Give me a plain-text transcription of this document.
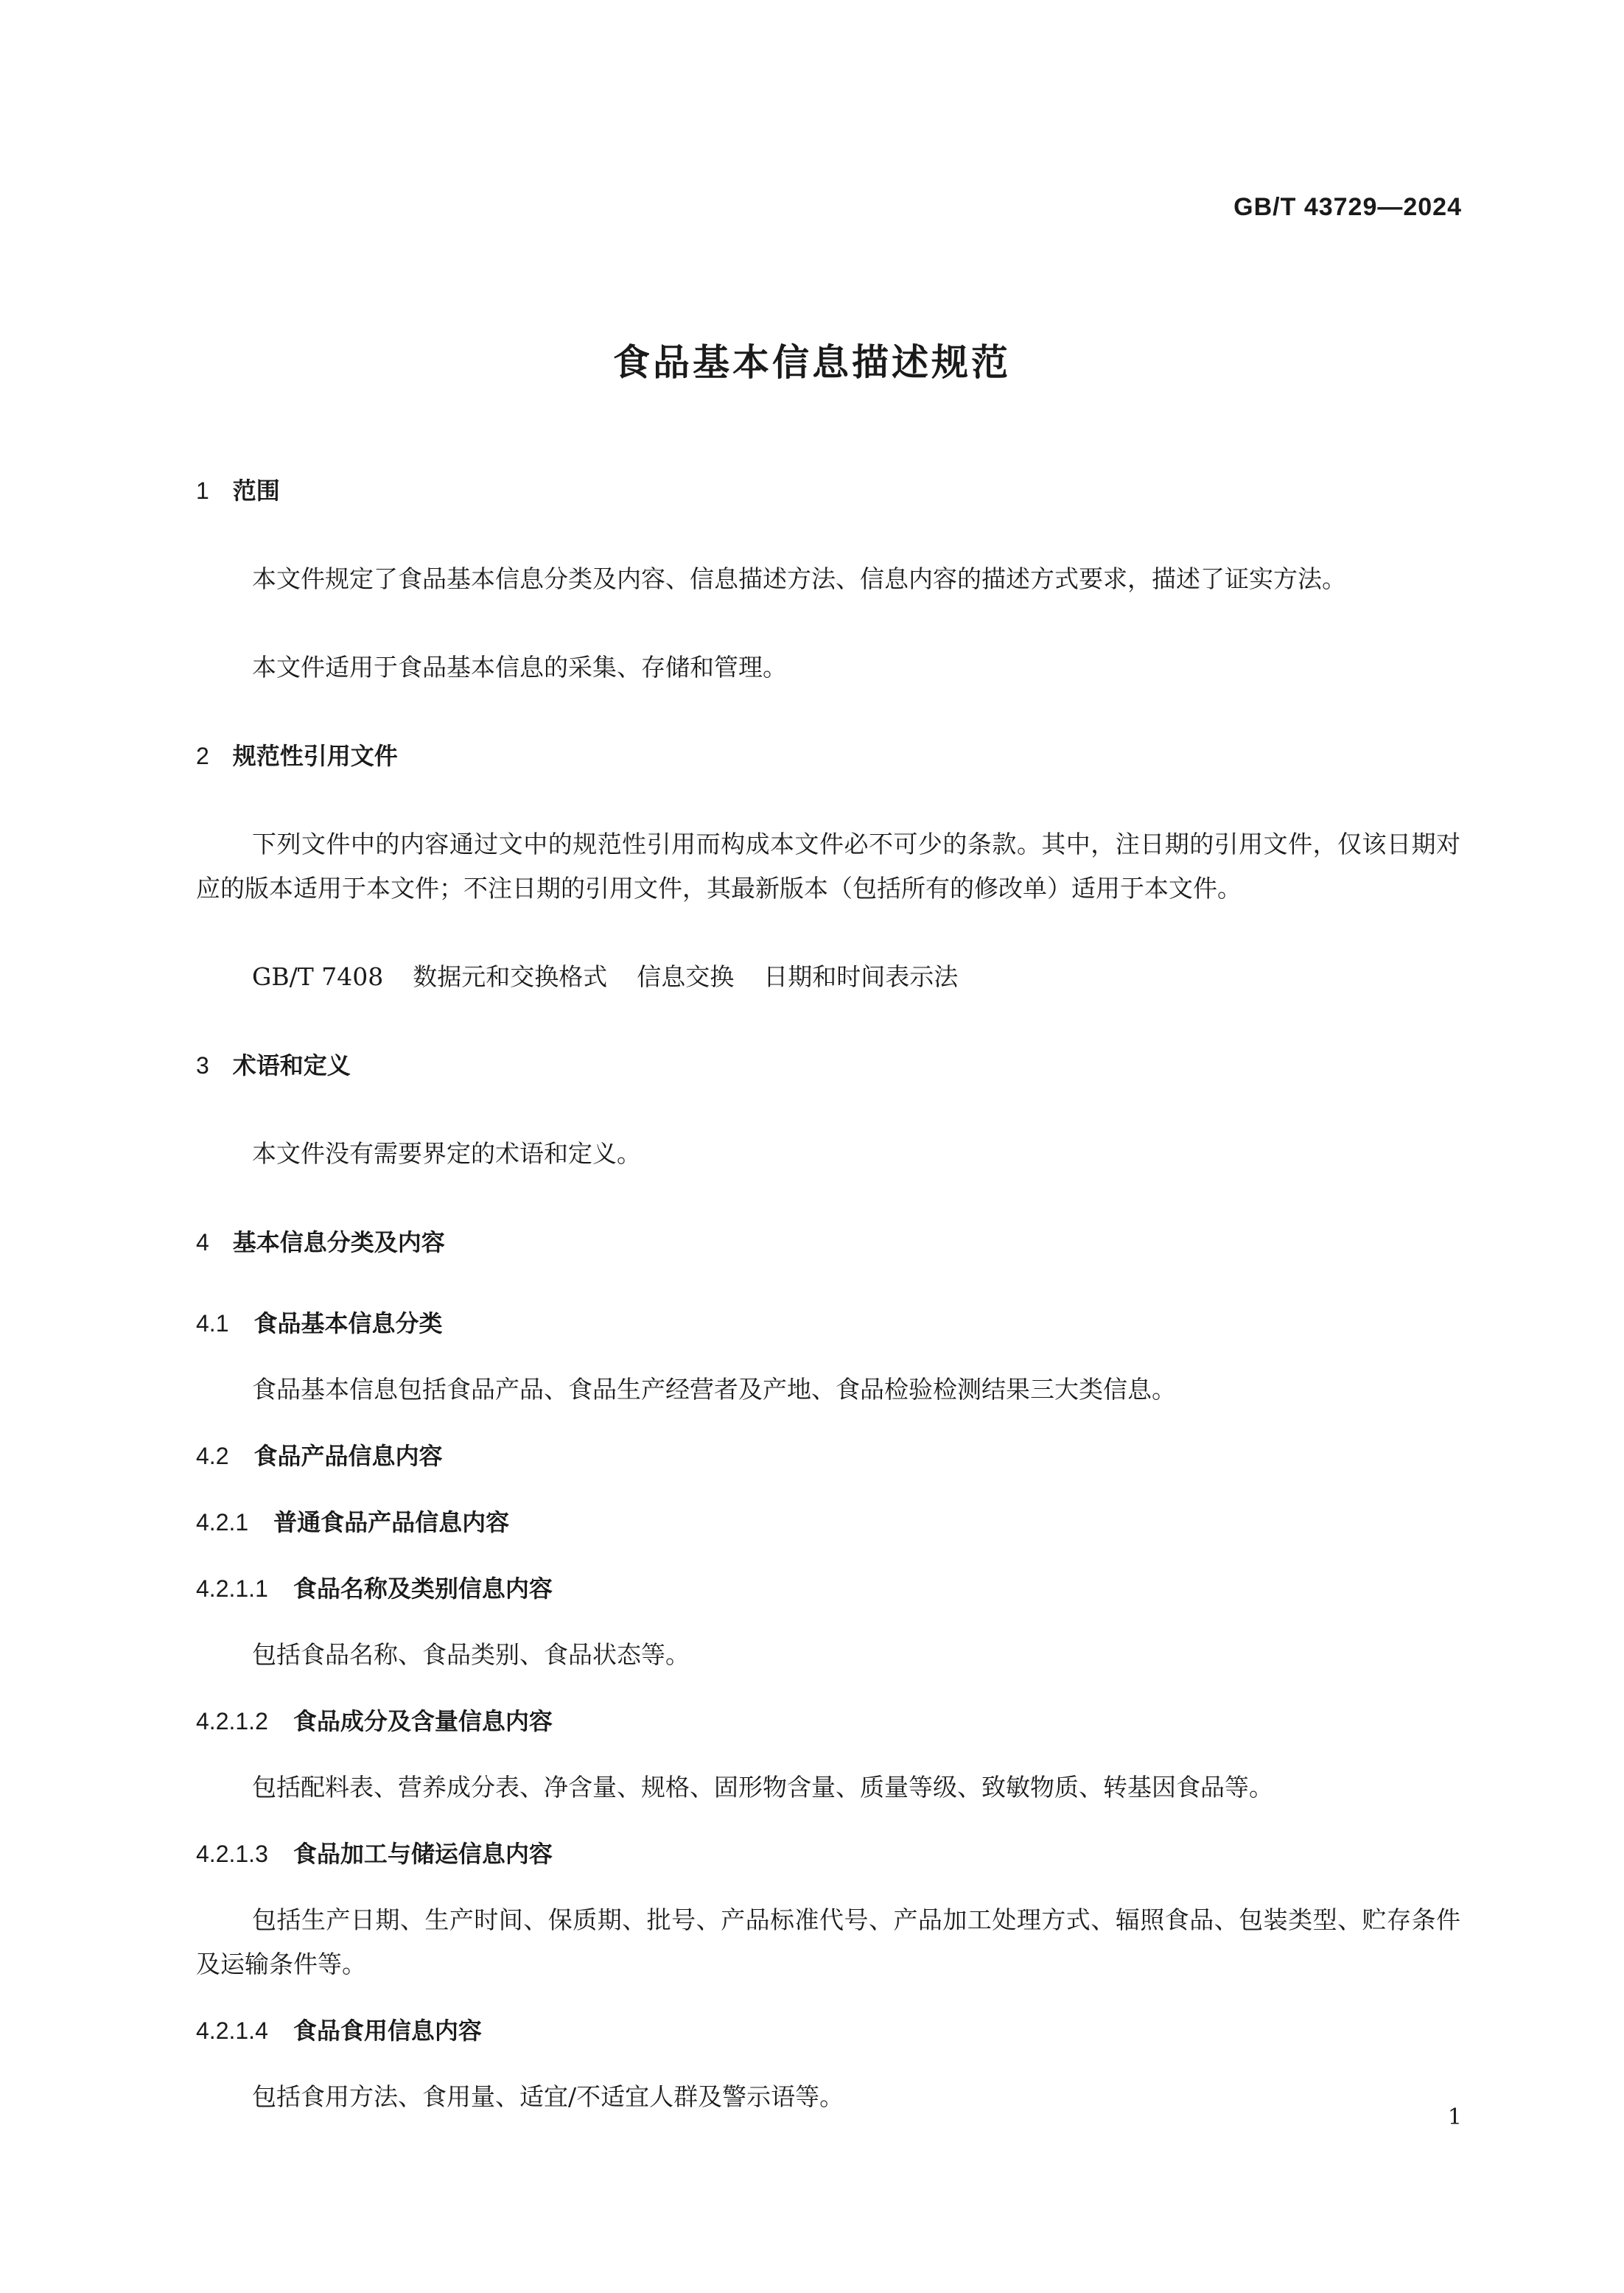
GB/T 43729—2024
食品基本信息描述规范
1 范围
本文件规定了食品基本信息分类及内容、信息描述方法、信息内容的描述方式要求，描述了证实方法。
本文件适用于食品基本信息的采集、存储和管理。
2 规范性引用文件
下列文件中的内容通过文中的规范性引用而构成本文件必不可少的条款。其中，注日期的引用文件，仅该日期对应的版本适用于本文件；不注日期的引用文件，其最新版本（包括所有的修改单）适用于本文件。
GB/T 7408 数据元和交换格式 信息交换 日期和时间表示法
3 术语和定义
本文件没有需要界定的术语和定义。
4 基本信息分类及内容
4.1 食品基本信息分类
食品基本信息包括食品产品、食品生产经营者及产地、食品检验检测结果三大类信息。
4.2 食品产品信息内容
4.2.1 普通食品产品信息内容
4.2.1.1 食品名称及类别信息内容
包括食品名称、食品类别、食品状态等。
4.2.1.2 食品成分及含量信息内容
包括配料表、营养成分表、净含量、规格、固形物含量、质量等级、致敏物质、转基因食品等。
4.2.1.3 食品加工与储运信息内容
包括生产日期、生产时间、保质期、批号、产品标准代号、产品加工处理方式、辐照食品、包装类型、贮存条件及运输条件等。
4.2.1.4 食品食用信息内容
包括食用方法、食用量、适宜/不适宜人群及警示语等。
1
